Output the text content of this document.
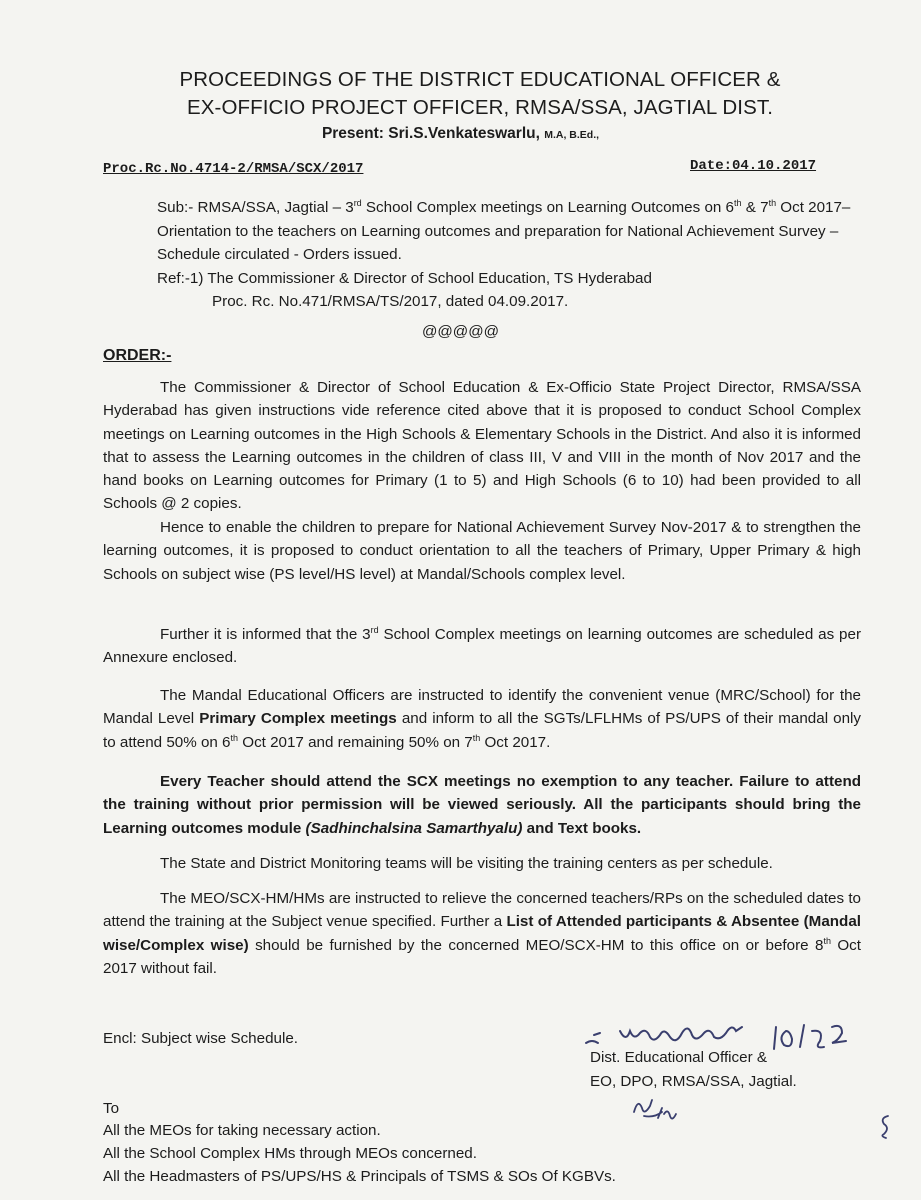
PROCEEDINGS OF THE DISTRICT EDUCATIONAL OFFICER &
EX-OFFICIO PROJECT OFFICER, RMSA/SSA, JAGTIAL DIST.
Present: Sri.S.Venkateswarlu, M.A, B.Ed.,
Proc.Rc.No.4714-2/RMSA/SCX/2017	Date:04.10.2017
Sub:- RMSA/SSA, Jagtial – 3rd School Complex meetings on Learning Outcomes on 6th & 7th Oct 2017– Orientation to the teachers on Learning outcomes and preparation for National Achievement Survey – Schedule circulated - Orders issued.
Ref:-1) The Commissioner & Director of School Education, TS Hyderabad
Proc. Rc. No.471/RMSA/TS/2017, dated 04.09.2017.
@@@@@
ORDER:-
The Commissioner & Director of School Education & Ex-Officio State Project Director, RMSA/SSA Hyderabad has given instructions vide reference cited above that it is proposed to conduct School Complex meetings on Learning outcomes in the High Schools & Elementary Schools in the District. And also it is informed that to assess the Learning outcomes in the children of class III, V and VIII in the month of Nov 2017 and the hand books on Learning outcomes for Primary (1 to 5) and High Schools (6 to 10) had been provided to all Schools @ 2 copies.
Hence to enable the children to prepare for National Achievement Survey Nov-2017 & to strengthen the learning outcomes, it is proposed to conduct orientation to all the teachers of Primary, Upper Primary & high Schools on subject wise (PS level/HS level) at Mandal/Schools complex level.
Further it is informed that the 3rd School Complex meetings on learning outcomes are scheduled as per Annexure enclosed.
The Mandal Educational Officers are instructed to identify the convenient venue (MRC/School) for the Mandal Level Primary Complex meetings and inform to all the SGTs/LFLHMs of PS/UPS of their mandal only to attend 50% on 6th Oct 2017 and remaining 50% on 7th Oct 2017.
Every Teacher should attend the SCX meetings no exemption to any teacher. Failure to attend the training without prior permission will be viewed seriously. All the participants should bring the Learning outcomes module (Sadhinchalsina Samarthyalu) and Text books.
The State and District Monitoring teams will be visiting the training centers as per schedule.
The MEO/SCX-HM/HMs are instructed to relieve the concerned teachers/RPs on the scheduled dates to attend the training at the Subject venue specified. Further a List of Attended participants & Absentee (Mandal wise/Complex wise) should be furnished by the concerned MEO/SCX-HM to this office on or before 8th Oct 2017 without fail.
Encl: Subject wise Schedule.
Dist. Educational Officer &
EO, DPO, RMSA/SSA, Jagtial.
To
All the MEOs for taking necessary action.
All the School Complex HMs through MEOs concerned.
All the Headmasters of PS/UPS/HS & Principals of TSMS & SOs Of KGBVs.
